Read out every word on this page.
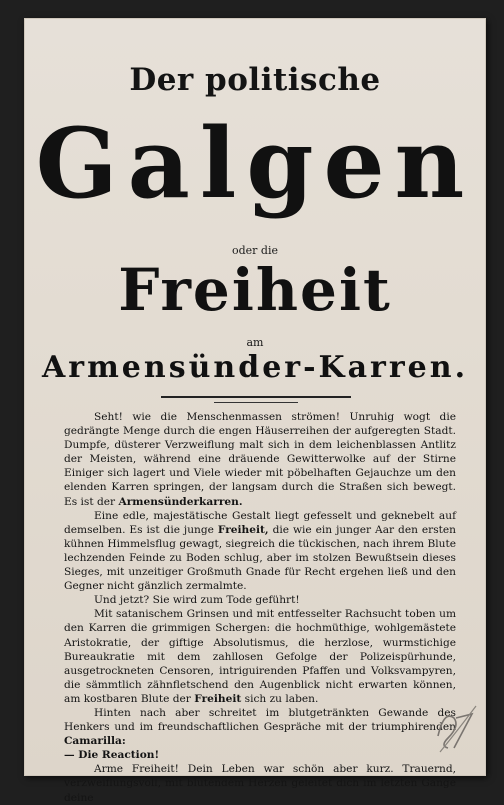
Der politische
Galgen
oder die
Freiheit
am
Armensünder-Karren.

Seht! wie die Menschenmassen strömen! Unruhig wogt die gedrängte Menge durch die engen Häuserreihen der aufgeregten Stadt. Dumpfe, düsterer Verzweiflung malt sich in dem leichenblassen Antlitz der Meisten, während eine dräuende Gewitterwolke auf der Stirne Einiger sich lagert und Viele wieder mit pöbelhaften Gejauchze um den elenden Karren springen, der langsam durch die Straßen sich bewegt. Es ist der Armensünderkarren.

Eine edle, majestätische Gestalt liegt gefesselt und geknebelt auf demselben. Es ist die junge Freiheit, die wie ein junger Aar den ersten kühnen Himmelsflug gewagt, siegreich die tückischen, nach ihrem Blute lechzenden Feinde zu Boden schlug, aber im stolzen Bewußtsein dieses Sieges, mit unzeitiger Großmuth Gnade für Recht ergehen ließ und den Gegner nicht gänzlich zermalmte.

Und jetzt? Sie wird zum Tode geführt!

Mit satanischem Grinsen und mit entfesselter Rachsucht toben um den Karren die grimmigen Schergen: die hochmüthige, wohlgemästete Aristokratie, der giftige Absolutismus, die herzlose, wurmstichige Bureaukratie mit dem zahllosen Gefolge der Polizeispürhunde, ausgetrockneten Censoren, intriguirenden Pfaffen und Volksvampyren, die sämmtlich zähnfletschend den Augenblick nicht erwarten können, am kostbaren Blute der Freiheit sich zu laben.

Hinten nach aber schreitet im blutgetränkten Gewande des Henkers und im freundschaftlichen Gespräche mit der triumphirenden Camarilla:
— Die Reaction!

Arme Freiheit! Dein Leben war schön aber kurz. Trauernd, verzweiflungsvoll, mit blutendem Herzen geleitet dich im letzten Gange deine
